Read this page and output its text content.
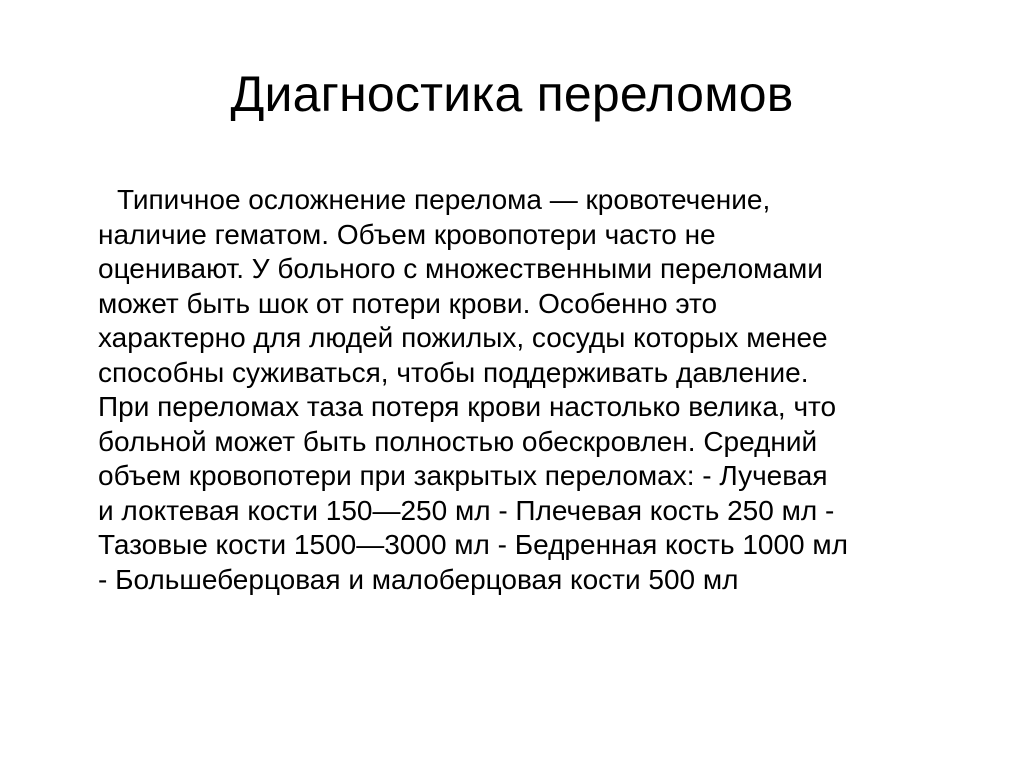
Диагностика переломов
Типичное осложнение перелома — кровотечение,
наличие гематом. Объем кровопотери часто не
оценивают. У больного с множественными переломами
может быть шок от потери крови. Особенно это
характерно для людей пожилых, сосуды которых менее
способны суживаться, чтобы поддерживать давление.
При переломах таза потеря крови настолько велика, что
больной может быть полностью обескровлен. Средний
объем кровопотери при закрытых переломах: - Лучевая
и локтевая кости 150—250 мл - Плечевая кость 250 мл -
Тазовые кости 1500—3000 мл - Бедренная кость 1000 мл
- Большеберцовая и малоберцовая кости 500 мл
